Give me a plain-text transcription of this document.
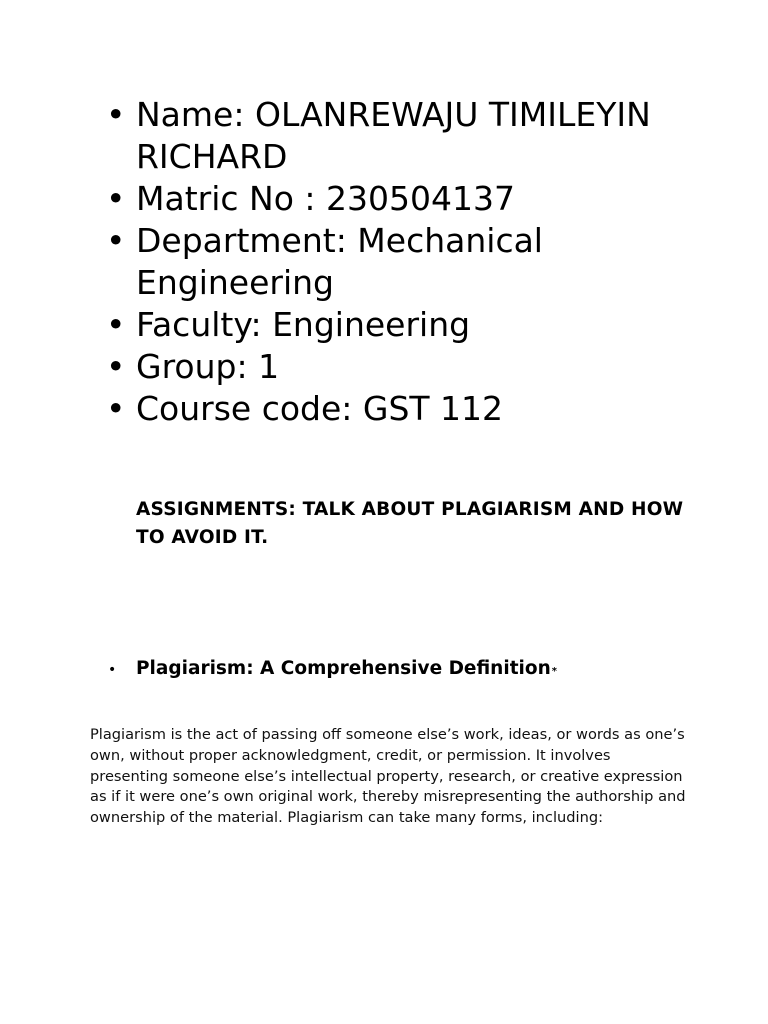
• Name: OLANREWAJU TIMILEYIN RICHARD
• Matric No : 230504137
• Department: Mechanical Engineering
• Faculty: Engineering
• Group: 1
• Course code: GST 112

ASSIGNMENTS: TALK ABOUT PLAGIARISM AND HOW TO AVOID IT.

•	Plagiarism: A Comprehensive Definition*

Plagiarism is the act of passing off someone else’s work, ideas, or words as one’s own, without proper acknowledgment, credit, or permission. It involves presenting someone else’s intellectual property, research, or creative expression as if it were one’s own original work, thereby misrepresenting the authorship and ownership of the material. Plagiarism can take many forms, including:
